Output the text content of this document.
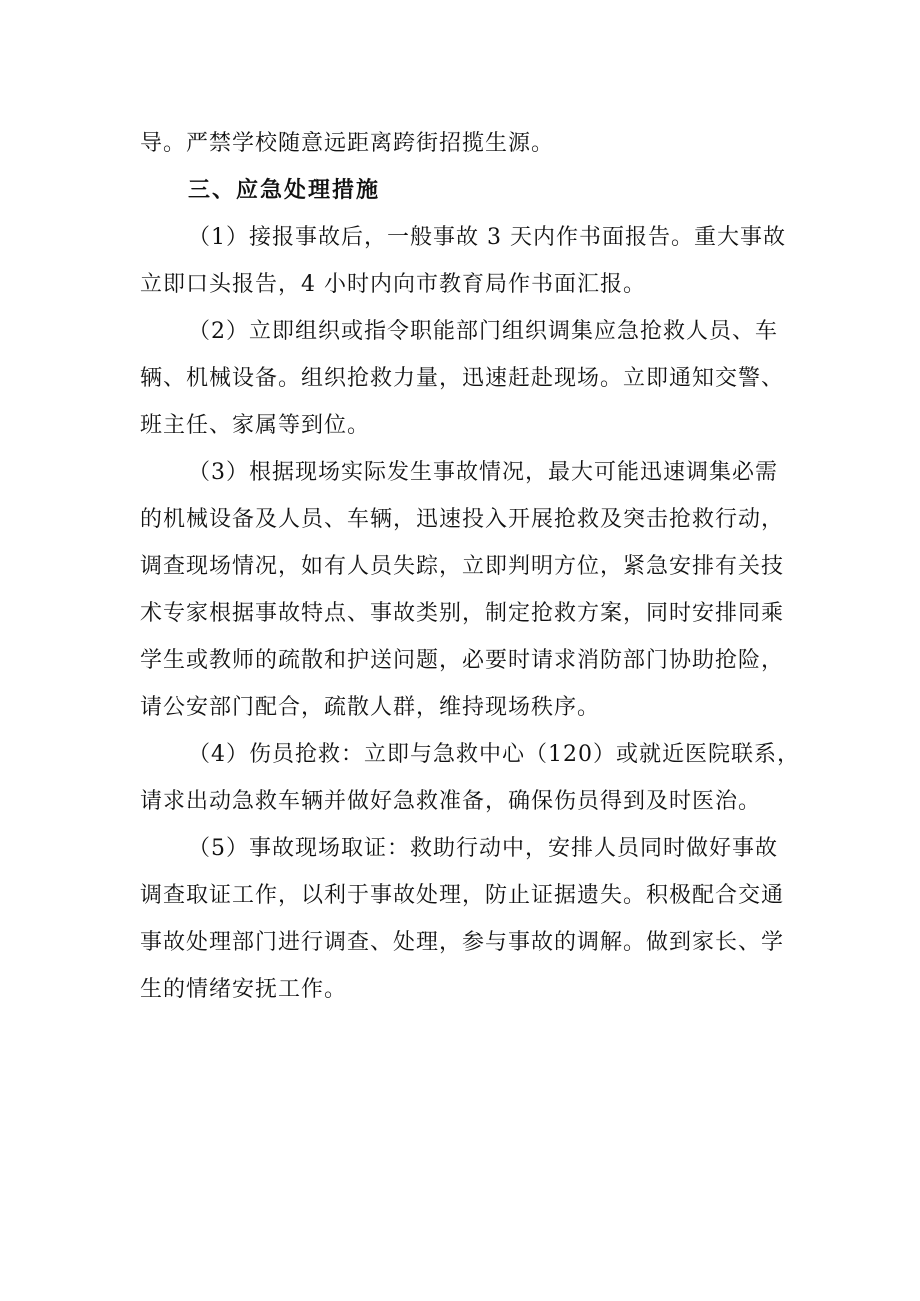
导。严禁学校随意远距离跨街招揽生源。
三、应急处理措施
（1）接报事故后，一般事故 3 天内作书面报告。重大事故
立即口头报告，4 小时内向市教育局作书面汇报。
（2）立即组织或指令职能部门组织调集应急抢救人员、车
辆、机械设备。组织抢救力量，迅速赶赴现场。立即通知交警、
班主任、家属等到位。
（3）根据现场实际发生事故情况，最大可能迅速调集必需
的机械设备及人员、车辆，迅速投入开展抢救及突击抢救行动，
调查现场情况，如有人员失踪，立即判明方位，紧急安排有关技
术专家根据事故特点、事故类别，制定抢救方案，同时安排同乘
学生或教师的疏散和护送问题，必要时请求消防部门协助抢险，
请公安部门配合，疏散人群，维持现场秩序。
（4）伤员抢救：立即与急救中心（120）或就近医院联系，
请求出动急救车辆并做好急救准备，确保伤员得到及时医治。
（5）事故现场取证：救助行动中，安排人员同时做好事故
调查取证工作，以利于事故处理，防止证据遗失。积极配合交通
事故处理部门进行调查、处理，参与事故的调解。做到家长、学
生的情绪安抚工作。
